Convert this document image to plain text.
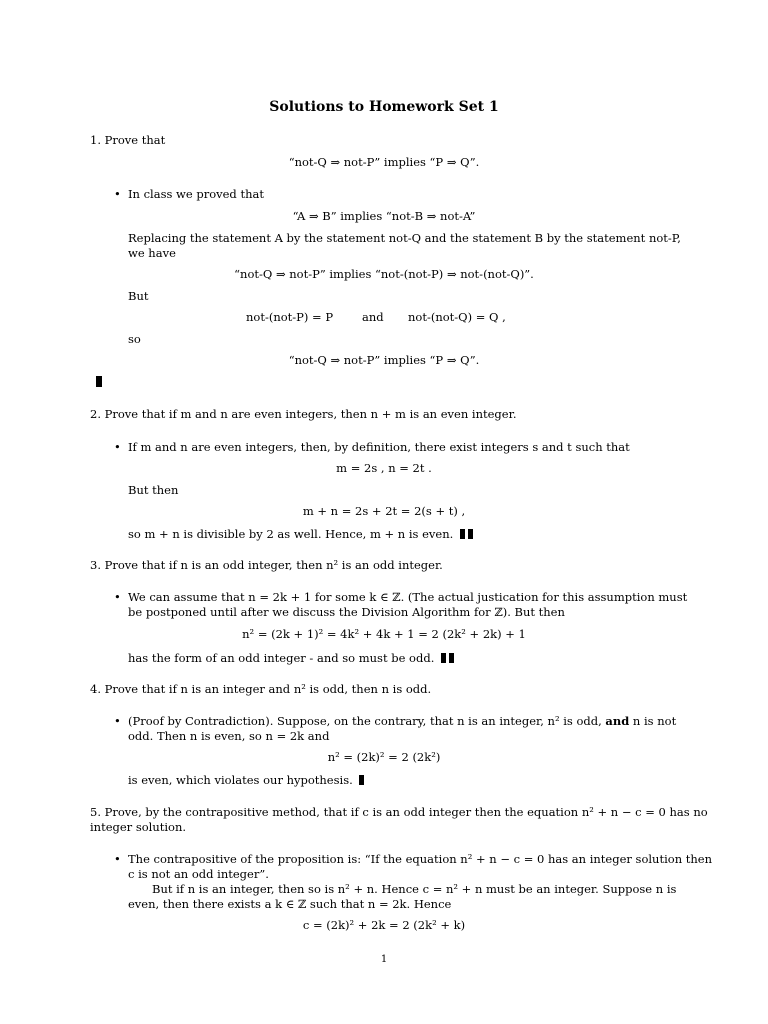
Solutions to Homework Set 1
1. Prove that
“not-Q ⇒ not-P” implies “P ⇒ Q”.
• In class we proved that
“A ⇒ B” implies “not-B ⇒ not-A”
Replacing the statement A by the statement not-Q and the statement B by the statement not-P,
we have
“not-Q ⇒ not-P” implies “not-(not-P) ⇒ not-(not-Q)”.
But
not-(not-P) = P	and not-(not-Q) = Q ,
so
“not-Q ⇒ not-P” implies “P ⇒ Q”.
2. Prove that if m and n are even integers, then n + m is an even integer.
• If m and n are even integers, then, by definition, there exist integers s and t such that
m = 2s , n = 2t .
But then
m + n = 2s + 2t = 2(s + t) ,
so m + n is divisible by 2 as well. Hence, m + n is even.
3. Prove that if n is an odd integer, then n² is an odd integer.
• We can assume that n = 2k + 1 for some k ∈ ℤ. (The actual justication for this assumption must
be postponed until after we discuss the Division Algorithm for ℤ). But then
n² = (2k + 1)² = 4k² + 4k + 1 = 2 (2k² + 2k) + 1
has the form of an odd integer - and so must be odd.
4. Prove that if n is an integer and n² is odd, then n is odd.
• (Proof by Contradiction). Suppose, on the contrary, that n is an integer, n² is odd, and n is not
odd. Then n is even, so n = 2k and
n² = (2k)² = 2 (2k²)
is even, which violates our hypothesis.
5. Prove, by the contrapositive method, that if c is an odd integer then the equation n² + n − c = 0 has no
integer solution.
• The contrapositive of the proposition is: “If the equation n² + n − c = 0 has an integer solution then
c is not an odd integer”.
But if n is an integer, then so is n² + n. Hence c = n² + n must be an integer. Suppose n is
even, then there exists a k ∈ ℤ such that n = 2k. Hence
c = (2k)² + 2k = 2 (2k² + k)
1
